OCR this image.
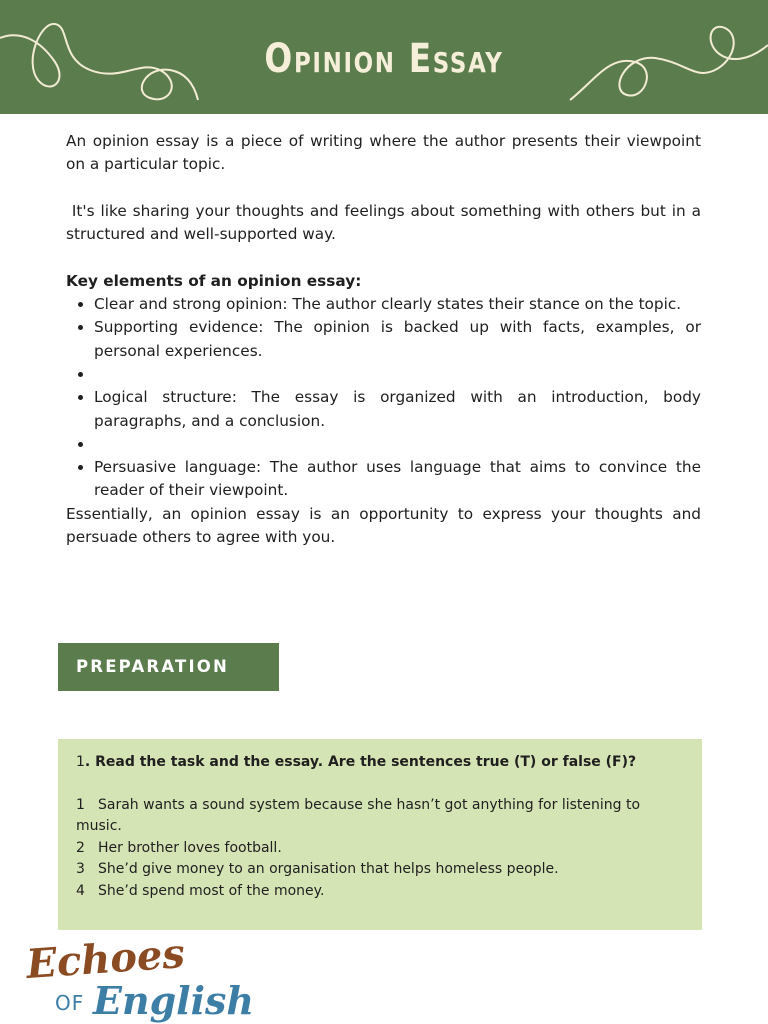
Opinion Essay

An opinion essay is a piece of writing where the author presents their viewpoint on a particular topic.

It's like sharing your thoughts and feelings about something with others but in a structured and well-supported way.

Key elements of an opinion essay:

• Clear and strong opinion: The author clearly states their stance on the topic.
• Supporting evidence: The opinion is backed up with facts, examples, or personal experiences.
•
• Logical structure: The essay is organized with an introduction, body paragraphs, and a conclusion.
•
• Persuasive language: The author uses language that aims to convince the reader of their viewpoint.

Essentially, an opinion essay is an opportunity to express your thoughts and persuade others to agree with you.

PREPARATION

1. Read the task and the essay. Are the sentences true (T) or false (F)?

1 Sarah wants a sound system because she hasn’t got anything for listening to music.

2 Her brother loves football.

3 She’d give money to an organisation that helps homeless people.

4 She’d spend most of the money.

Echoes
OF English
